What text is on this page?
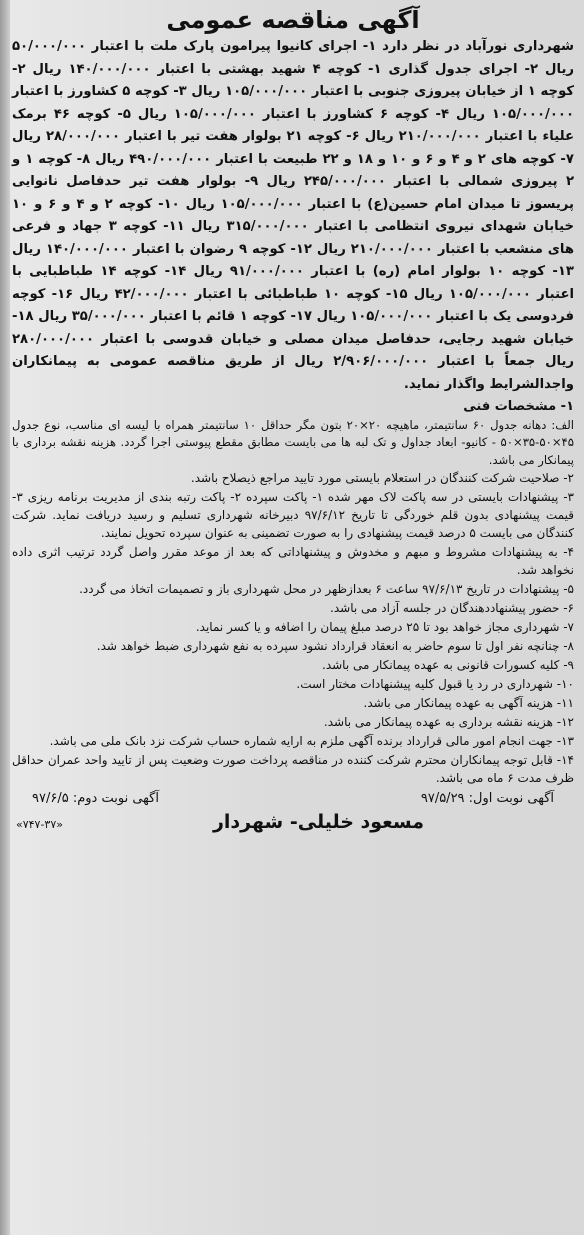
آگهی مناقصه عمومی

شهرداری نورآباد در نظر دارد ۱- اجرای کانیوا پیرامون پارک ملت با اعتبار ۵۰/۰۰۰/۰۰۰ ریال ۲- اجرای جدول گذاری ۱- کوچه ۴ شهید بهشتی با اعتبار ۱۴۰/۰۰۰/۰۰۰ ریال ۲- کوچه ۱ از خیابان پیروزی جنوبی با اعتبار ۱۰۵/۰۰۰/۰۰۰ ریال ۳- کوچه ۵ کشاورز با اعتبار ۱۰۵/۰۰۰/۰۰۰ ریال ۴- کوچه ۶ کشاورز با اعتبار ۱۰۵/۰۰۰/۰۰۰ ریال ۵- کوچه ۴۶ برمک علیاء با اعتبار ۲۱۰/۰۰۰/۰۰۰ ریال ۶- کوچه ۲۱ بولوار هفت تیر با اعتبار ۲۸/۰۰۰/۰۰۰ ریال ۷- کوچه های ۲ و ۴ و ۶ و ۱۰ و ۱۸ و ۲۲ طبیعت با اعتبار ۴۹۰/۰۰۰/۰۰۰ ریال ۸- کوچه ۱ و ۲ پیروزی شمالی با اعتبار ۲۴۵/۰۰۰/۰۰۰ ریال ۹- بولوار هفت تیر حدفاصل نانوایی پریسوز تا میدان امام حسین(ع) با اعتبار ۱۰۵/۰۰۰/۰۰۰ ریال ۱۰- کوچه ۲ و ۴ و ۶ و ۱۰ خیابان شهدای نیروی انتظامی با اعتبار ۳۱۵/۰۰۰/۰۰۰ ریال ۱۱- کوچه ۳ جهاد و فرعی های منشعب با اعتبار ۲۱۰/۰۰۰/۰۰۰ ریال ۱۲- کوچه ۹ رضوان با اعتبار ۱۴۰/۰۰۰/۰۰۰ ریال ۱۳- کوچه ۱۰ بولوار امام (ره) با اعتبار ۹۱/۰۰۰/۰۰۰ ریال ۱۴- کوچه ۱۴ طباطبایی با اعتبار ۱۰۵/۰۰۰/۰۰۰ ریال ۱۵- کوچه ۱۰ طباطبائی با اعتبار ۴۲/۰۰۰/۰۰۰ ریال ۱۶- کوچه فردوسی یک با اعتبار ۱۰۵/۰۰۰/۰۰۰ ریال ۱۷- کوچه ۱ قائم با اعتبار ۳۵/۰۰۰/۰۰۰ ریال ۱۸- خیابان شهید رجایی، حدفاصل میدان مصلی و خیابان قدوسی با اعتبار ۲۸۰/۰۰۰/۰۰۰ ریال جمعاً با اعتبار ۲/۹۰۶/۰۰۰/۰۰۰ ریال از طریق مناقصه عمومی به پیمانکاران واجدالشرایط واگذار نماید.

۱- مشخصات فنی

الف: دهانه جدول ۶۰ سانتیمتر، ماهیچه ۲۰×۲۰ بتون مگر حداقل ۱۰ سانتیمتر همراه با لیسه ای مناسب، نوع جدول ۴۵×۵۰-۳۵×۵۰ - کانیو- ابعاد جداول و تک لبه ها می بایست مطابق مقطع پیوستی اجرا گردد. هزینه نقشه برداری با پیمانکار می باشد.

۲- صلاحیت شرکت کنندگان در استعلام بایستی مورد تایید مراجع ذیصلاح باشد.

۳- پیشنهادات بایستی در سه پاکت لاک مهر شده ۱- پاکت سپرده ۲- پاکت رتبه بندی از مدیریت برنامه ریزی ۳- قیمت پیشنهادی بدون قلم خوردگی تا تاریخ ۹۷/۶/۱۲ دبیرخانه شهرداری تسلیم و رسید دریافت نماید. شرکت کنندگان می بایست ۵ درصد قیمت پیشنهادی را به صورت تضمینی به عنوان سپرده تحویل نمایند.

۴- به پیشنهادات مشروط و مبهم و مخدوش و پیشنهاداتی که بعد از موعد مقرر واصل گردد ترتیب اثری داده نخواهد شد.

۵- پیشنهادات در تاریخ ۹۷/۶/۱۳ ساعت ۶ بعدازظهر در محل شهرداری باز و تصمیمات اتخاذ می گردد.

۶- حضور پیشنهاددهندگان در جلسه آزاد می باشد.

۷- شهرداری مجاز خواهد بود تا ۲۵ درصد مبلغ پیمان را اضافه و یا کسر نماید.

۸- چنانچه نفر اول تا سوم حاضر به انعقاد قرارداد نشود سپرده به نفع شهرداری ضبط خواهد شد.

۹- کلیه کسورات قانونی به عهده پیمانکار می باشد.

۱۰- شهرداری در رد یا قبول کلیه پیشنهادات مختار است.

۱۱- هزینه آگهی به عهده پیمانکار می باشد.

۱۲- هزینه نقشه برداری به عهده پیمانکار می باشد.

۱۳- جهت انجام امور مالی قرارداد برنده آگهی ملزم به ارایه شماره حساب شرکت نزد بانک ملی می باشد.

۱۴- قابل توجه پیمانکاران محترم شرکت کننده در مناقصه پرداخت صورت وضعیت پس از تایید واحد عمران حداقل ظرف مدت ۶ ماه می باشد.

آگهی نوبت اول: ۹۷/۵/۲۹
آگهی نوبت دوم: ۹۷/۶/۵
مسعود خلیلی- شهردار
«۷۴۷-۳۷»
